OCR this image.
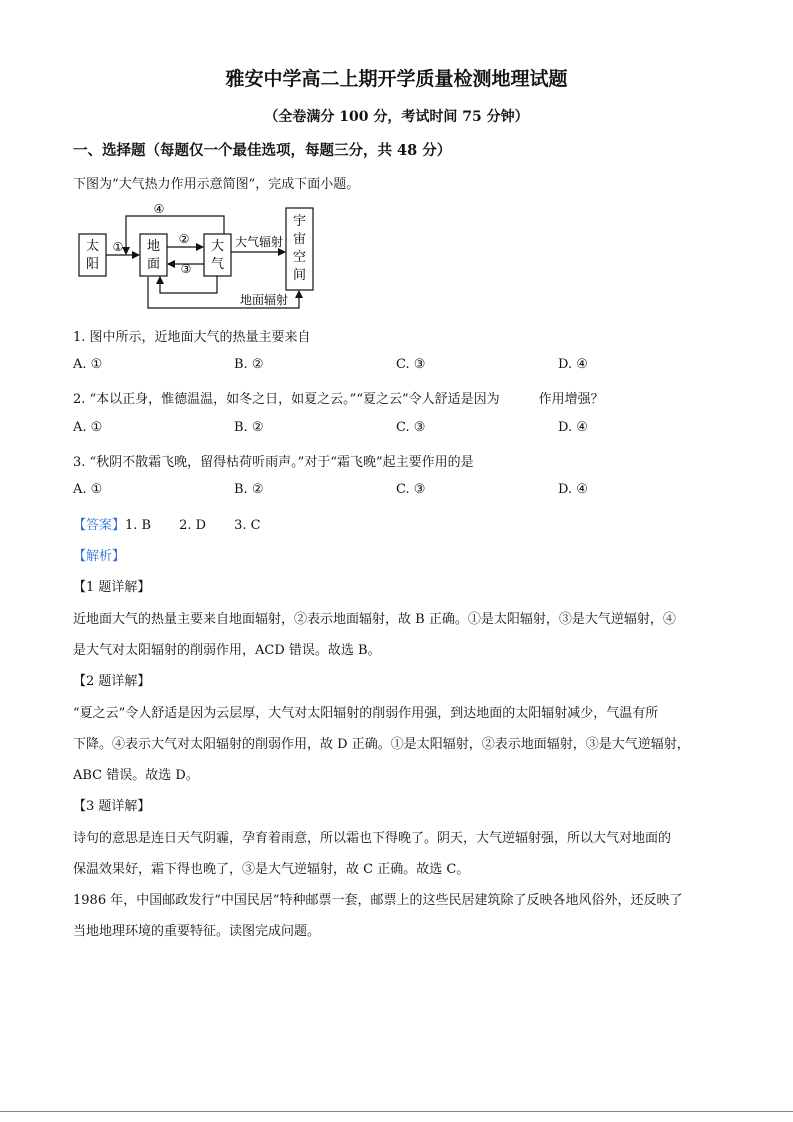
雅安中学高二上期开学质量检测地理试题
（全卷满分 100 分，考试时间 75 分钟）
一、选择题（每题仅一个最佳选项，每题三分，共 48 分）
下图为“大气热力作用示意简图”，完成下面小题。
太
阳
地
面
大
气
宇
宙
空
间
①
②
③
④
大气辐射
地面辐射
1. 图中所示，近地面大气的热量主要来自
A. ①	B. ②	C. ③	D. ④
2. “本以正身，惟德温温，如冬之日，如夏之云。”“夏之云”令人舒适是因为　　　作用增强？
A. ①	B. ②	C. ③	D. ④
3. “秋阴不散霜飞晚，留得枯荷听雨声。”对于“霜飞晚”起主要作用的是
A. ①	B. ②	C. ③	D. ④
【答案】1. B 2. D 3. C
【解析】
【1 题详解】
近地面大气的热量主要来自地面辐射，②表示地面辐射，故 B 正确。①是太阳辐射，③是大气逆辐射，④
是大气对太阳辐射的削弱作用，ACD 错误。故选 B。
【2 题详解】
“夏之云”令人舒适是因为云层厚，大气对太阳辐射的削弱作用强，到达地面的太阳辐射减少，气温有所
下降。④表示大气对太阳辐射的削弱作用，故 D 正确。①是太阳辐射，②表示地面辐射，③是大气逆辐射，
ABC 错误。故选 D。
【3 题详解】
诗句的意思是连日天气阴霾，孕育着雨意，所以霜也下得晚了。阴天，大气逆辐射强，所以大气对地面的
保温效果好，霜下得也晚了，③是大气逆辐射，故 C 正确。故选 C。
1986 年，中国邮政发行“中国民居”特种邮票一套，邮票上的这些民居建筑除了反映各地风俗外，还反映了
当地地理环境的重要特征。读图完成问题。
